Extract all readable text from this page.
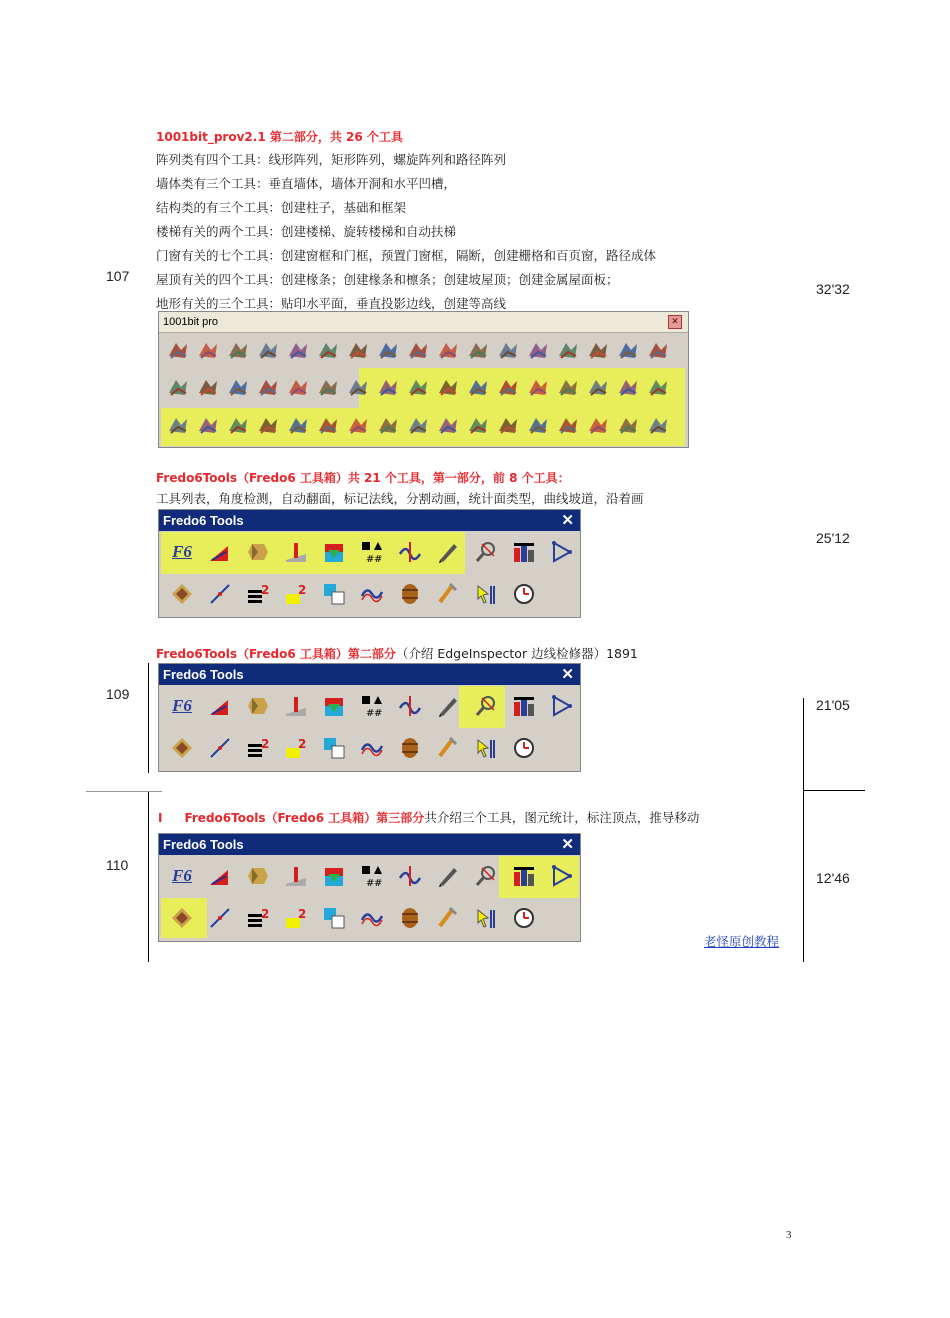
1001bit_prov2.1 第二部分，共 26 个工具
阵列类有四个工具：线形阵列，矩形阵列，螺旋阵列和路径阵列
墙体类有三个工具：垂直墙体，墙体开洞和水平凹槽，
结构类的有三个工具：创建柱子，基础和框架
楼梯有关的两个工具：创建楼梯、旋转楼梯和自动扶梯
门窗有关的七个工具：创建窗框和门框，预置门窗框，隔断，创建栅格和百页窗，路径成体
屋顶有关的四个工具：创建椽条；创建椽条和檩条；创建坡屋顶；创建金属屋面板；
地形有关的三个工具：贴印水平面，垂直投影边线，创建等高线
107
32'32
1001bit pro	✕
Fredo6Tools（Fredo6 工具箱）共 21 个工具，第一部分，前 8 个工具：
工具列表，角度检测，自动翻面，标记法线，分割动画，统计面类型，曲线坡道，沿着画
25'12
Fredo6 Tools	✕
F6	# #
2 2
Fredo6Tools（Fredo6 工具箱）第二部分（介绍 EdgeInspector 边线检修器）1891
109
21'05
Fredo6 Tools	✕
F6	# #
2 2
I Fredo6Tools（Fredo6 工具箱）第三部分共介绍三个工具，图元统计，标注顶点，推导移动
110
12'46
Fredo6 Tools	✕
F6	# #
2 2
老怪原创教程
3
